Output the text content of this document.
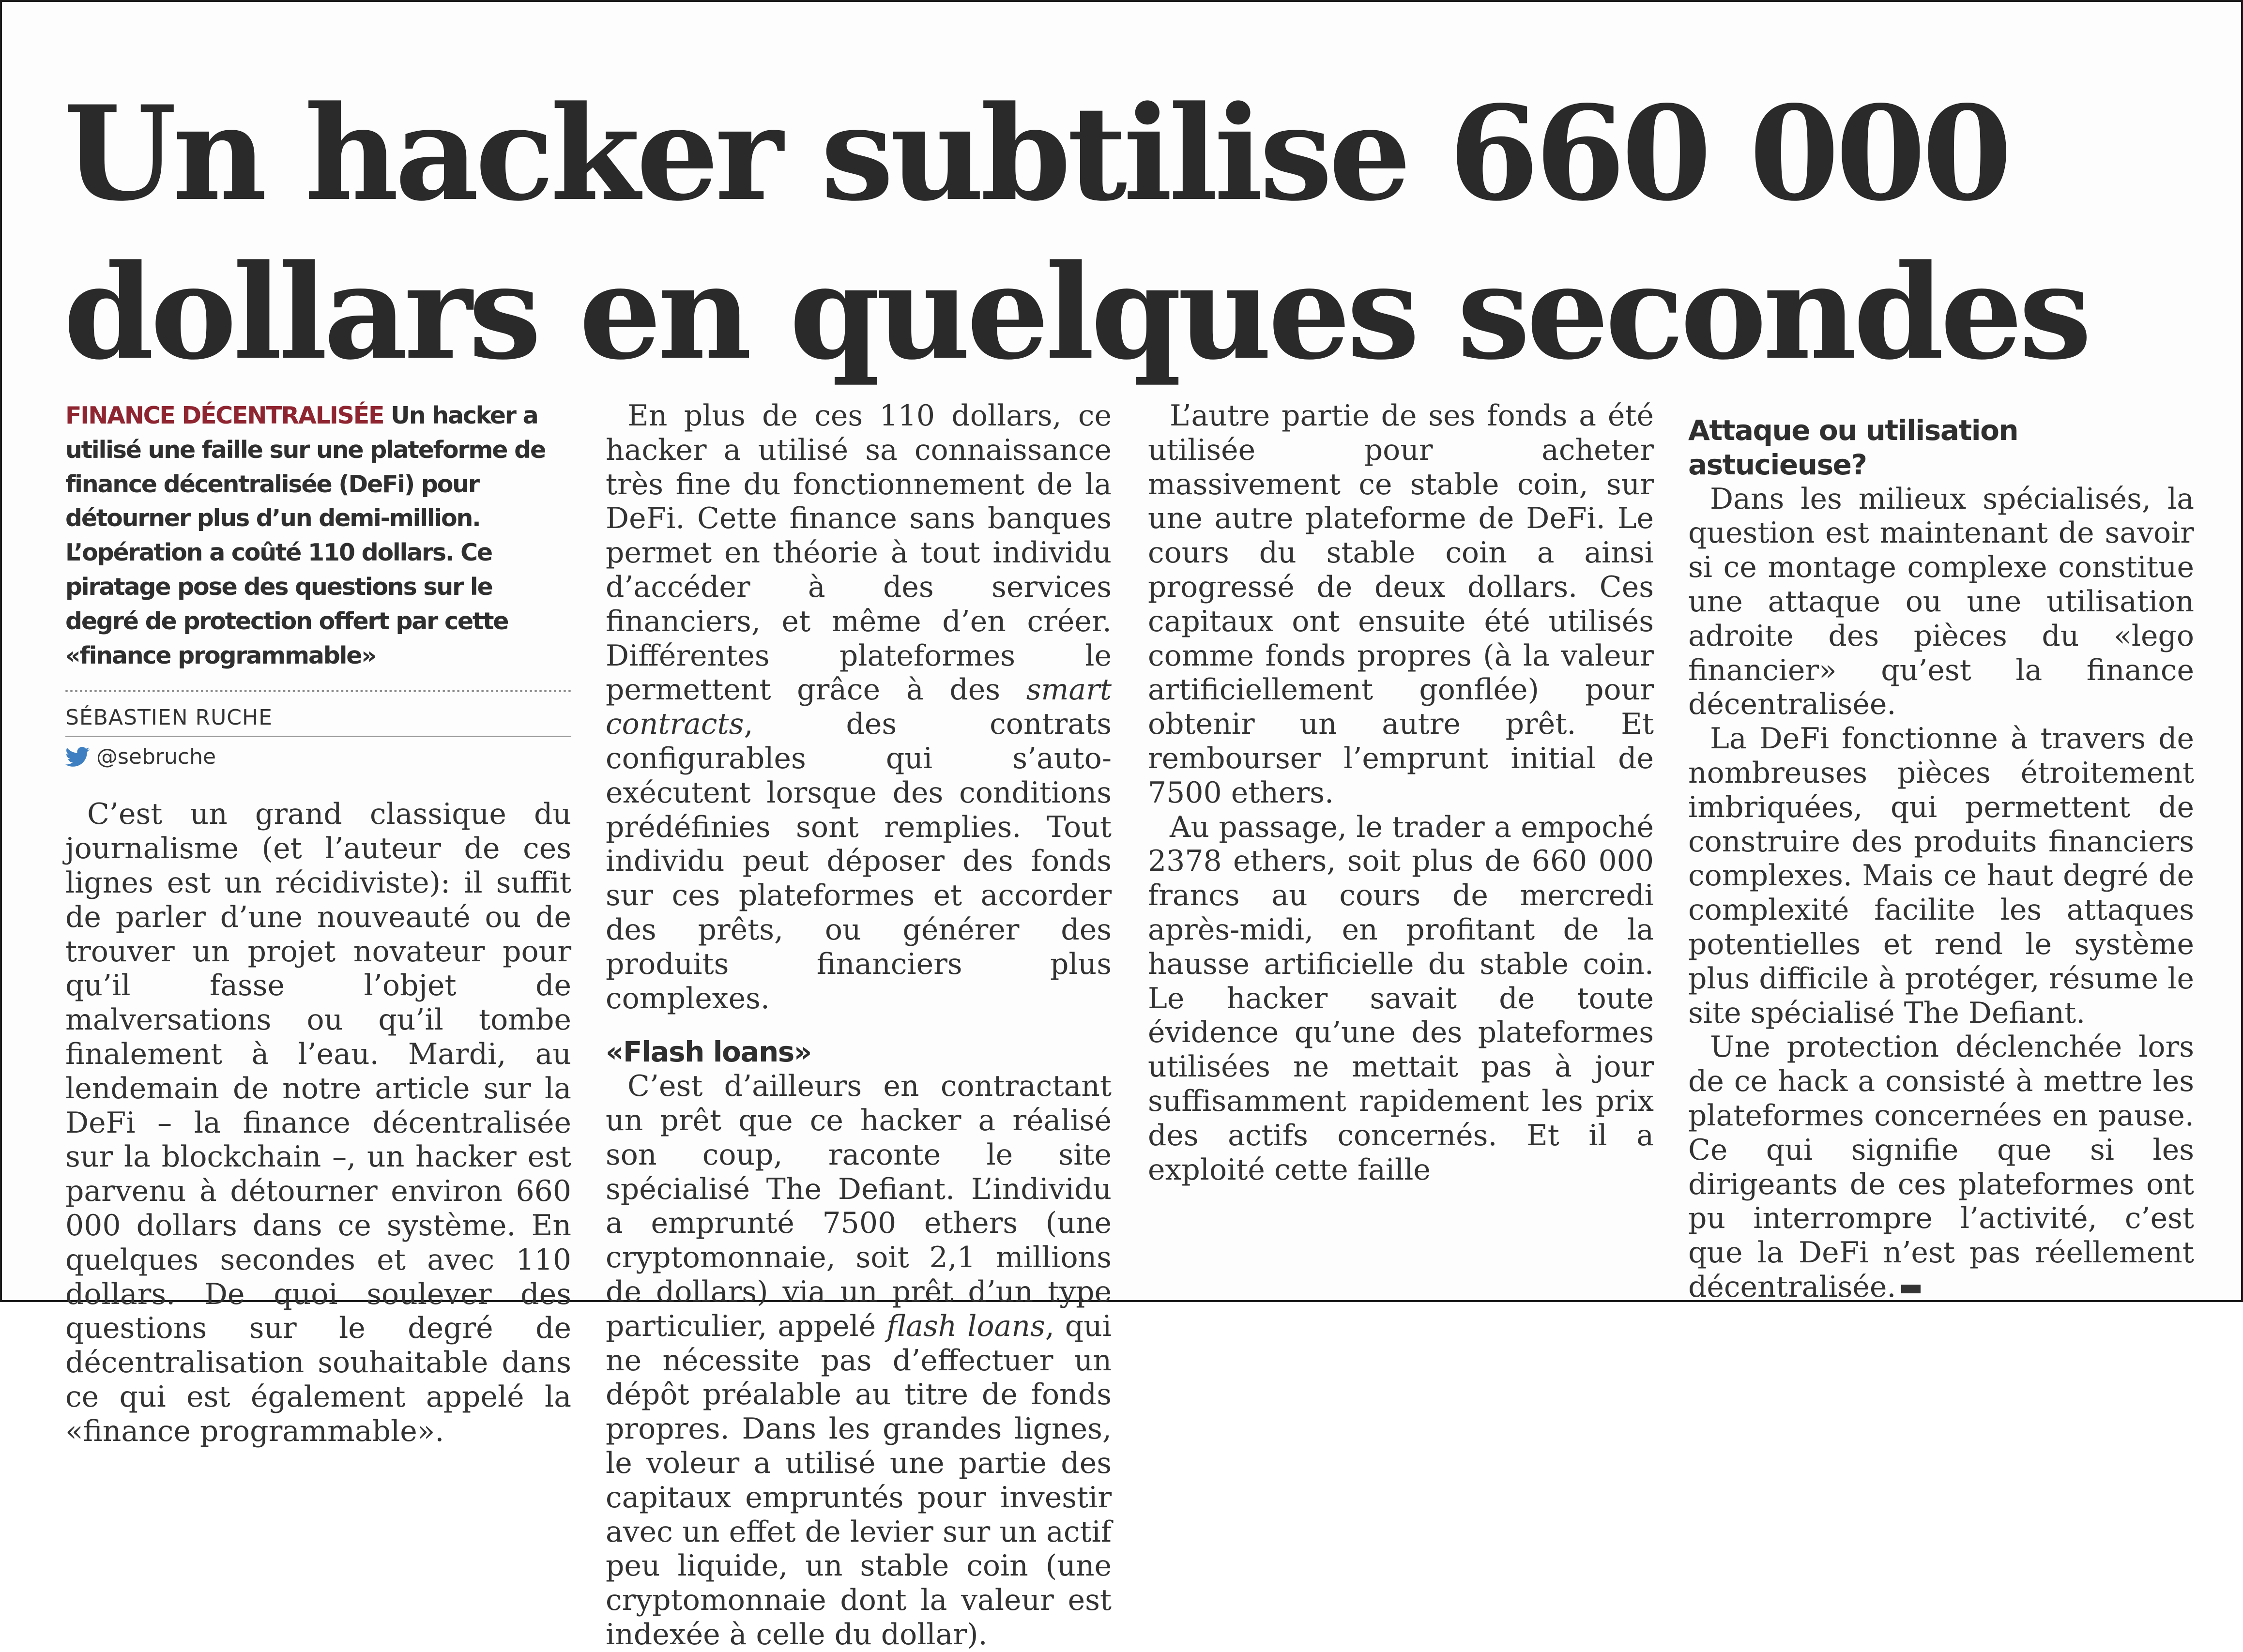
Un hacker subtilise 660 000 dollars en quelques secondes

FINANCE DÉCENTRALISÉE Un hacker a utilisé une faille sur une plateforme de finance décentralisée (DeFi) pour détourner plus d’un demi-million. L’opération a coûté 110 dollars. Ce piratage pose des questions sur le degré de protection offert par cette «finance programmable»

SÉBASTIEN RUCHE
@sebruche

C’est un grand classique du journalisme (et l’auteur de ces lignes est un récidiviste): il suffit de parler d’une nouveauté ou de trouver un projet novateur pour qu’il fasse l’objet de malversations ou qu’il tombe finalement à l’eau. Mardi, au lendemain de notre article sur la DeFi – la finance décentralisée sur la blockchain –, un hacker est parvenu à détourner environ 660 000 dollars dans ce système. En quelques secondes et avec 110 dollars. De quoi soulever des questions sur le degré de décentralisation souhaitable dans ce qui est également appelé la «finance programmable».

En plus de ces 110 dollars, ce hacker a utilisé sa connaissance très fine du fonctionnement de la DeFi. Cette finance sans banques permet en théorie à tout individu d’accéder à des services financiers, et même d’en créer. Différentes plateformes le permettent grâce à des smart contracts, des contrats configurables qui s’auto-exécutent lorsque des conditions prédéfinies sont remplies. Tout individu peut déposer des fonds sur ces plateformes et accorder des prêts, ou générer des produits financiers plus complexes.

«Flash loans»

C’est d’ailleurs en contractant un prêt que ce hacker a réalisé son coup, raconte le site spécialisé The Defiant. L’individu a emprunté 7500 ethers (une cryptomonnaie, soit 2,1 millions de dollars) via un prêt d’un type particulier, appelé flash loans, qui ne nécessite pas d’effectuer un dépôt préalable au titre de fonds propres. Dans les grandes lignes, le voleur a utilisé une partie des capitaux empruntés pour investir avec un effet de levier sur un actif peu liquide, un stable coin (une cryptomonnaie dont la valeur est indexée à celle du dollar).

L’autre partie de ses fonds a été utilisée pour acheter massivement ce stable coin, sur une autre plateforme de DeFi. Le cours du stable coin a ainsi progressé de deux dollars. Ces capitaux ont ensuite été utilisés comme fonds propres (à la valeur artificiellement gonflée) pour obtenir un autre prêt. Et rembourser l’emprunt initial de 7500 ethers.

Au passage, le trader a empoché 2378 ethers, soit plus de 660 000 francs au cours de mercredi après-midi, en profitant de la hausse artificielle du stable coin. Le hacker savait de toute évidence qu’une des plateformes utilisées ne mettait pas à jour suffisamment rapidement les prix des actifs concernés. Et il a exploité cette faille

Attaque ou utilisation astucieuse?

Dans les milieux spécialisés, la question est maintenant de savoir si ce montage complexe constitue une attaque ou une utilisation adroite des pièces du «lego financier» qu’est la finance décentralisée.

La DeFi fonctionne à travers de nombreuses pièces étroitement imbriquées, qui permettent de construire des produits financiers complexes. Mais ce haut degré de complexité facilite les attaques potentielles et rend le système plus difficile à protéger, résume le site spécialisé The Defiant.

Une protection déclenchée lors de ce hack a consisté à mettre les plateformes concernées en pause. Ce qui signifie que si les dirigeants de ces plateformes ont pu interrompre l’activité, c’est que la DeFi n’est pas réellement décentralisée.
